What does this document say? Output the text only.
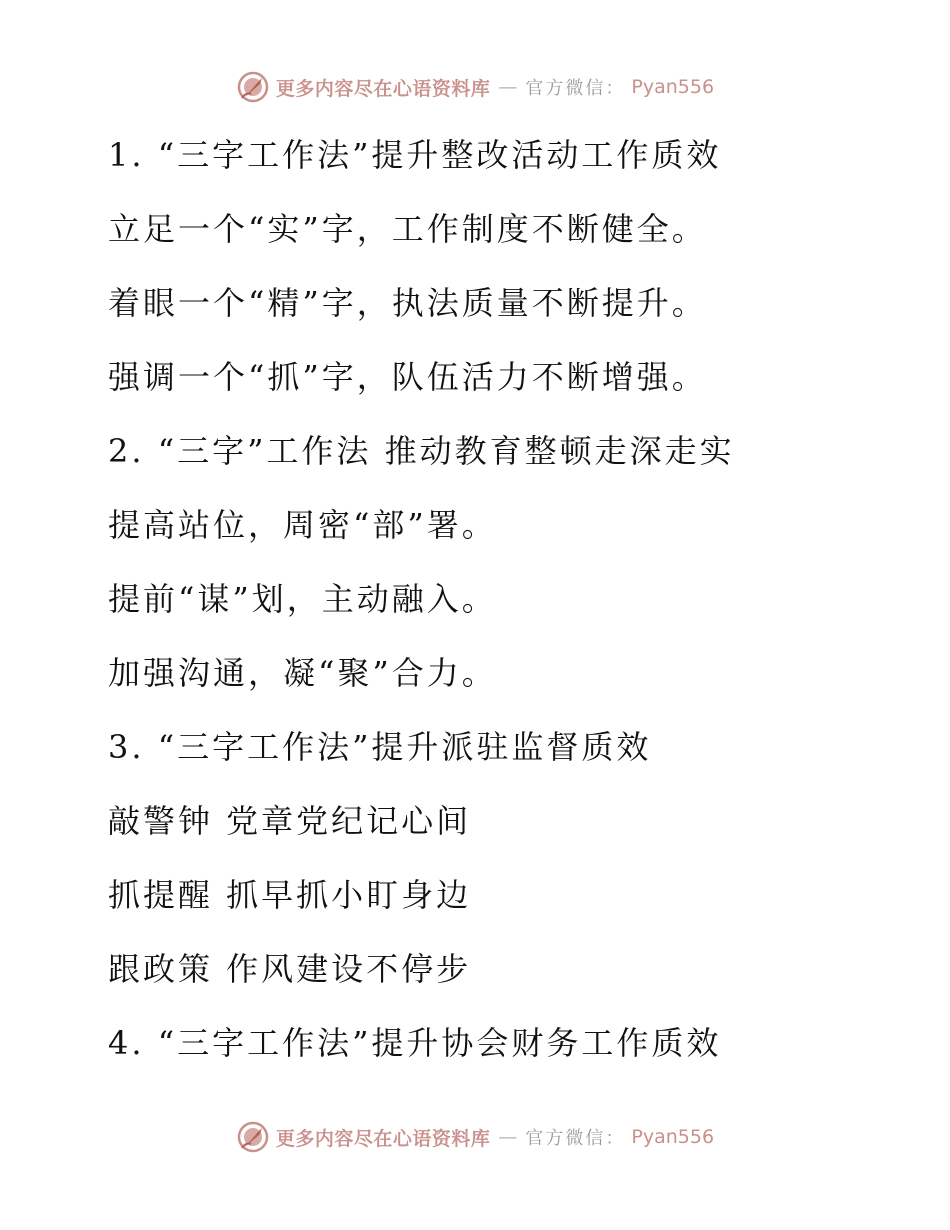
更多内容尽在心语资料库 — 官方微信： Pyan556
1. “三字工作法”提升整改活动工作质效
立足一个“实”字，工作制度不断健全。
着眼一个“精”字，执法质量不断提升。
强调一个“抓”字，队伍活力不断增强。
2. “三字”工作法 推动教育整顿走深走实
提高站位，周密“部”署。
提前“谋”划，主动融入。
加强沟通，凝“聚”合力。
3. “三字工作法”提升派驻监督质效
敲警钟 党章党纪记心间
抓提醒 抓早抓小盯身边
跟政策 作风建设不停步
4. “三字工作法”提升协会财务工作质效
更多内容尽在心语资料库 — 官方微信： Pyan556
